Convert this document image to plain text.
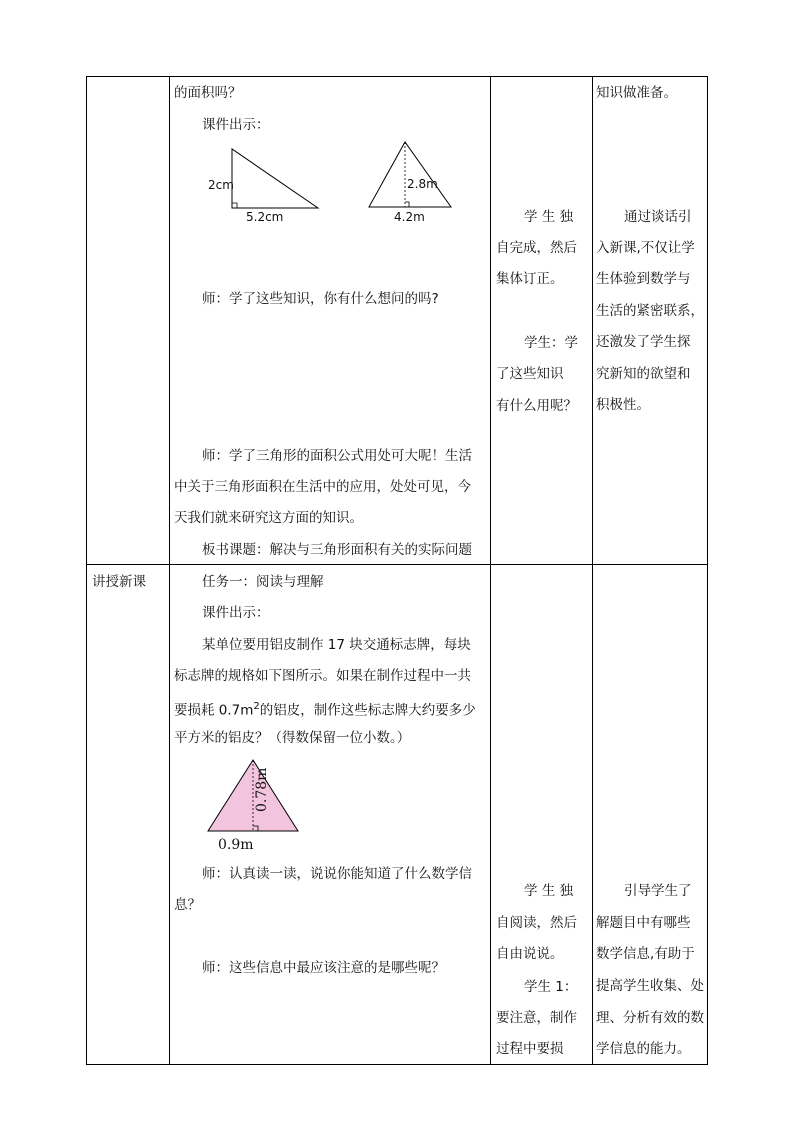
讲授新课
的面积吗？
课件出示：
2cm
5.2cm
2.8m
4.2m
师：学了这些知识，你有什么想问的吗?
师：学了三角形的面积公式用处可大呢！生活
中关于三角形面积在生活中的应用，处处可见，今
天我们就来研究这方面的知识。
板书课题：解决与三角形面积有关的实际问题
任务一：阅读与理解
课件出示：
某单位要用铝皮制作 17 块交通标志牌，每块
标志牌的规格如下图所示。如果在制作过程中一共
要损耗 $0.7m^2$的铝皮，制作这些标志牌大约要多少
平方米的铝皮？（得数保留一位小数。）
0.78m
0.9m
师：认真读一读，说说你能知道了什么数学信
息？
师：这些信息中最应该注意的是哪些呢？
学 生 独
自完成，然后
集体订正。
学生：学
了这些知识
有什么用呢？
学 生 独
自阅读，然后
自由说说。
学生 1：
要注意，制作
过程中要损
知识做准备。
通过谈话引
入新课,不仅让学
生体验到数学与
生活的紧密联系，
还激发了学生探
究新知的欲望和
积极性。
引导学生了
解题目中有哪些
数学信息,有助于
提高学生收集、处
理、分析有效的数
学信息的能力。
